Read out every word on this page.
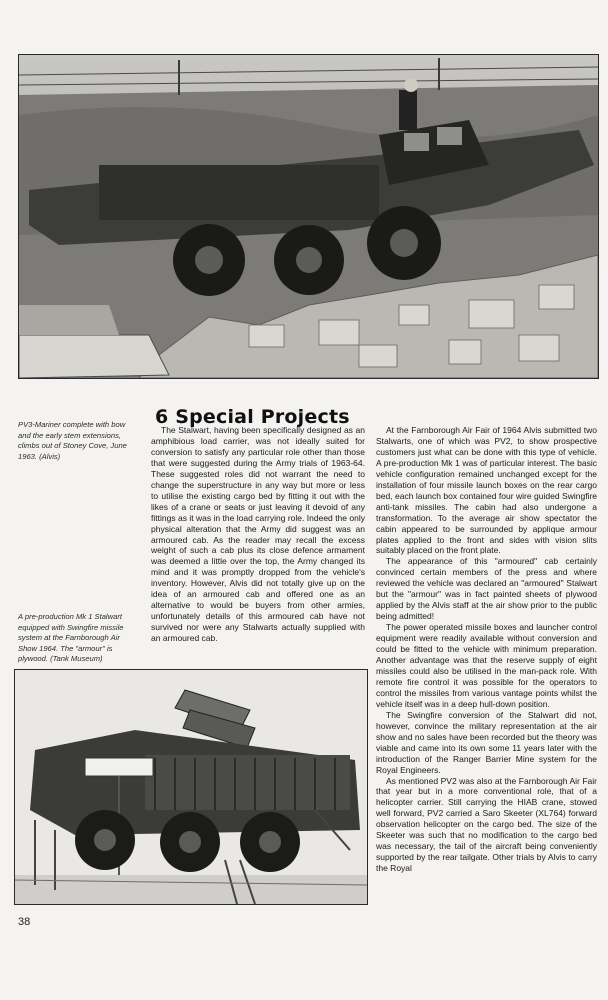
6 Special Projects
PV3-Mariner complete with bow and the early stem extensions, climbs out of Stoney Cove, June 1963. (Alvis)
A pre-production Mk 1 Stalwart equipped with Swingfire missile system at the Farnborough Air Show 1964. The "armour" is plywood. (Tank Museum)

The Stalwart, having been specifically designed as an amphibious load carrier, was not ideally suited for conversion to satisfy any particular role other than those that were suggested during the Army trials of 1963-64. These suggested roles did not warrant the need to change the superstructure in any way but more or less to utilise the existing cargo bed by fitting it out with the likes of a crane or seats or just leaving it devoid of any fittings as it was in the load carrying role. Indeed the only physical alteration that the Army did suggest was an armoured cab. As the reader may recall the excess weight of such a cab plus its close defence armament was deemed a little over the top, the Army changed its mind and it was promptly dropped from the vehicle's inventory. However, Alvis did not totally give up on the idea of an armoured cab and offered one as an alternative to would be buyers from other armies, unfortunately details of this armoured cab have not survived nor were any Stalwarts actually supplied with an armoured cab.

At the Farnborough Air Fair of 1964 Alvis submitted two Stalwarts, one of which was PV2, to show prospective customers just what can be done with this type of vehicle. A pre-production Mk 1 was of particular interest. The basic vehicle configuration remained unchanged except for the installation of four missile launch boxes on the rear cargo bed, each launch box contained four wire guided Swingfire anti-tank missiles. The cabin had also undergone a transformation. To the average air show spectator the cabin appeared to be surrounded by applique armour plates applied to the front and sides with vision slits suitably placed on the front plate.

The appearance of this "armoured" cab certainly convinced certain members of the press and where reviewed the vehicle was declared an "armoured" Stalwart but the "armour" was in fact painted sheets of plywood applied by the Alvis staff at the air show prior to the public being admitted!

The power operated missile boxes and launcher control equipment were readily available without conversion and could be fitted to the vehicle with minimum preparation. Another advantage was that the reserve supply of eight missiles could also be utilised in the man-pack role. With remote fire control it was possible for the operators to control the missiles from various vantage points whilst the vehicle itself was in a deep hull-down position.

The Swingfire conversion of the Stalwart did not, however, convince the military representation at the air show and no sales have been recorded but the theory was viable and came into its own some 11 years later with the introduction of the Ranger Barrier Mine system for the Royal Engineers.

As mentioned PV2 was also at the Farnborough Air Fair that year but in a more conventional role, that of a helicopter carrier. Still carrying the HIAB crane, stowed well forward, PV2 carried a Saro Skeeter (XL764) forward observation helicopter on the cargo bed. The size of the Skeeter was such that no modification to the cargo bed was necessary, the tail of the aircraft being conveniently supported by the rear tailgate. Other trials by Alvis to carry the Royal

38
